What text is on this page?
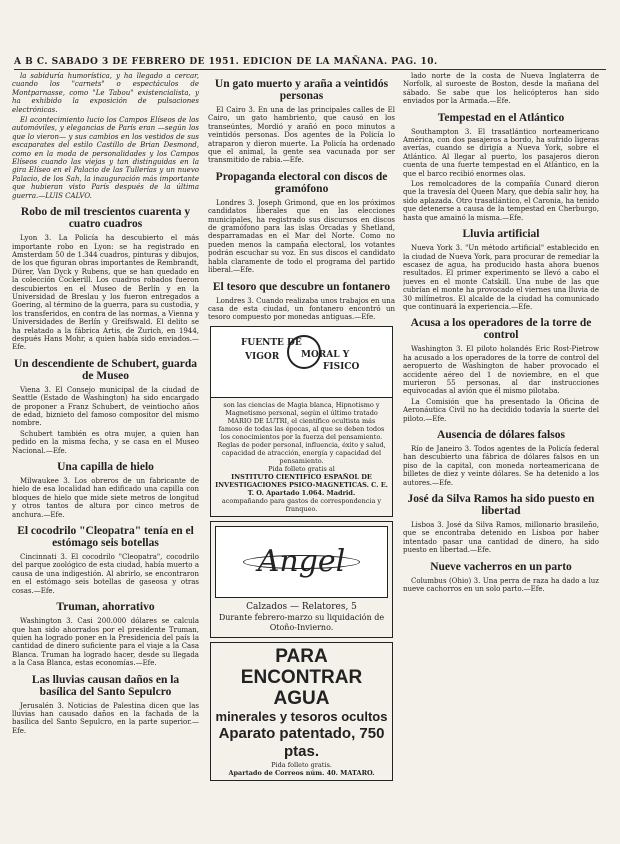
A B C. SABADO 3 DE FEBRERO DE 1951. EDICION DE LA MAÑANA. PAG. 10.

la sabiduría humorística, y ha llegado a cercar, cuando los "carnets" o espectáculos de Montparnasse, como "Le Tabou" existencialista, y ha exhibido la exposición de pulsaciones electrónicas.

El acontecimiento lucio los Campos Elíseos de los automóviles, y elegancias de París eran —según los que lo vieron— y sus cambios en los vestidos de sus escaparates del estilo Castillo de Brian Desmond, como en la moda de personalidades y los Campos Elíseos cuando las viejas y tan distinguidas en la gira Elíseo en el Palacio de las Tullerías y un nuevo Palacio, de los Sah, la inauguración más importante que hubieran visto París después de la última guerra.—LUIS CALVO.

Robo de mil trescientos cuarenta y cuatro cuadros

Lyon 3. La Policía ha descubierto el más importante robo en Lyon: se ha registrado en Amsterdam 50 de 1.344 cuadros, pinturas y dibujos, de los que figuran obras importantes de Rembrandt, Dürer, Van Dyck y Rubens, que se han quedado en la colección Cockerill. Los cuadros robados fueron descubiertos en el Museo de Berlín y en la Universidad de Breslau y los fueron entregados a Goering, al término de la guerra, para su custodia, y los transferidos, en contra de las normas, a Vienna y Universidades de Berlín y Greifswald. El delito se ha relatado a la fábrica Artis, de Zurich, en 1944, después Hans Mohr, a quien había sido enviados.—Efe.

Un descendiente de Schubert, guarda de Museo

Viena 3. El Consejo municipal de la ciudad de Seattle (Estado de Washington) ha sido encargado de proponer a Franz Schubert, de veintiocho años de edad, biznieto del famoso compositor del mismo nombre.

Schubert también es otra mujer, a quien han pedido en la misma fecha, y se casa en el Museo Nacional.—Efe.

Una capilla de hielo

Milwaukee 3. Los obreros de un fabricante de hielo de esa localidad han edificado una capilla con bloques de hielo que mide siete metros de longitud y otros tantos de altura por cinco metros de anchura.—Efe.

El cocodrilo "Cleopatra" tenía en el estómago seis botellas

Cincinnati 3. El cocodrilo "Cleopatra", cocodrilo del parque zoológico de esta ciudad, había muerto a causa de una indigestión. Al abrirlo, se encontraron en el estómago seis botellas de gaseosa y otras cosas.—Efe.

Truman, ahorrativo

Washington 3. Casi 200.000 dólares se calcula que han sido ahorrados por el presidente Truman, quien ha logrado poner en la Presidencia del país la cantidad de dinero suficiente para el viaje a la Casa Blanca. Truman ha logrado hacer, desde su llegada a la Casa Blanca, estas economías.—Efe.

Las lluvias causan daños en la basílica del Santo Sepulcro

Jerusalén 3. Noticias de Palestina dicen que las lluvias han causado daños en la fachada de la basílica del Santo Sepulcro, en la parte superior.—Efe.

Un gato muerto y araña a veintidós personas

El Cairo 3. En una de las principales calles de El Cairo, un gato hambriento, que causó en los transeúntes, Mordió y arañó en poco minutos a veintidós personas. Dos agentes de la Policía lo atraparon y dieron muerte. La Policía ha ordenado que el animal, la gente sea vacunada por ser transmitido de rabia.—Efe.

Propaganda electoral con discos de gramófono

Londres 3. Joseph Grimond, que en los próximos candidatos liberales que en las elecciones municipales, ha registrado sus discursos en discos de gramófono para las islas Orcadas y Shetland, desparramadas en el Mar del Norte. Como no pueden menos la campaña electoral, los votantes podrán escuchar su voz. En sus discos el candidato habla claramente de todo el programa del partido liberal.—Efe.

El tesoro que descubre un fontanero

Londres 3. Cuando realizaba unos trabajos en una casa de esta ciudad, un fontanero encontró un tesoro compuesto por monedas antiguas.—Efe.

FUENTE DE
VIGOR MORAL Y
FISICO
son las ciencias de Magia blanca, Hipnotismo y Magnetismo personal, según el último tratado MARIO DE LUTRI, el científico ocultista más famoso de todas las épocas, al que se deben todos los conocimientos por la fuerza del pensamiento. Reglas de poder personal, influencia, éxito y salud, capacidad de atracción, energía y capacidad del pensamiento.
Pida folleto gratis al
INSTITUTO CIENTIFICO ESPAÑOL DE INVESTIGACIONES PSICO-MAGNETICAS. C. E. T. O. Apartado 1.064. Madrid.
acompañando para gastos de correspondencia y franqueo.
Angel
Calzados — Relatores, 5
Durante febrero-marzo su liquidación de Otoño-Invierno.
PARA ENCONTRAR AGUA
minerales y tesoros ocultos
Aparato patentado, 750 ptas.
Pida folleto gratis.
Apartado de Correos núm. 40. MATARO.

lado norte de la costa de Nueva Inglaterra de Norfolk, al suroeste de Boston, desde la mañana del sábado. Se sabe que los helicópteros han sido enviados por la Armada.—Efe.

Tempestad en el Atlántico

Southampton 3. El trasatlántico norteamericano América, con dos pasajeros a bordo, ha sufrido ligeras averías, cuando se dirigía a Nueva York, sobre el Atlántico. Al llegar al puerto, los pasajeros dieron cuenta de una fuerte tempestad en el Atlántico, en la que el barco recibió enormes olas.

Los remolcadores de la compañía Cunard dieron que la travesía del Queen Mary, que debía salir hoy, ha sido aplazada. Otro trasatlántico, el Caronia, ha tenido que detenerse a causa de la tempestad en Cherburgo, hasta que amainó la misma.—Efe.

Lluvia artificial

Nueva York 3. "Un método artificial" establecido en la ciudad de Nueva York, para procurar de remediar la escasez de agua, ha producido hasta ahora buenos resultados. El primer experimento se llevó a cabo el jueves en el monte Catskill. Una nube de las que cubrían el monte ha provocado el viernes una lluvia de 30 milímetros. El alcalde de la ciudad ha comunicado que continuará la experiencia.—Efe.

Acusa a los operadores de la torre de control

Washington 3. El piloto holandés Eric Rost-Pietrow ha acusado a los operadores de la torre de control del aeropuerto de Washington de haber provocado el accidente aéreo del 1 de noviembre, en el que murieron 55 personas, al dar instrucciones equivocadas al avión que él mismo pilotaba.

La Comisión que ha presentado la Oficina de Aeronáutica Civil no ha decidido todavía la suerte del piloto.—Efe.

Ausencia de dólares falsos

Río de Janeiro 3. Todos agentes de la Policía federal han descubierto una fábrica de dólares falsos en un piso de la capital, con moneda norteamericana de billetes de diez y veinte dólares. Se ha detenido a los autores.—Efe.

José da Silva Ramos ha sido puesto en libertad

Lisboa 3. José da Silva Ramos, millonario brasileño, que se encontraba detenido en Lisboa por haber intentado pasar una cantidad de dinero, ha sido puesto en libertad.—Efe.

Nueve vacherros en un parto

Columbus (Ohio) 3. Una perra de raza ha dado a luz nueve cachorros en un solo parto.—Efe.
